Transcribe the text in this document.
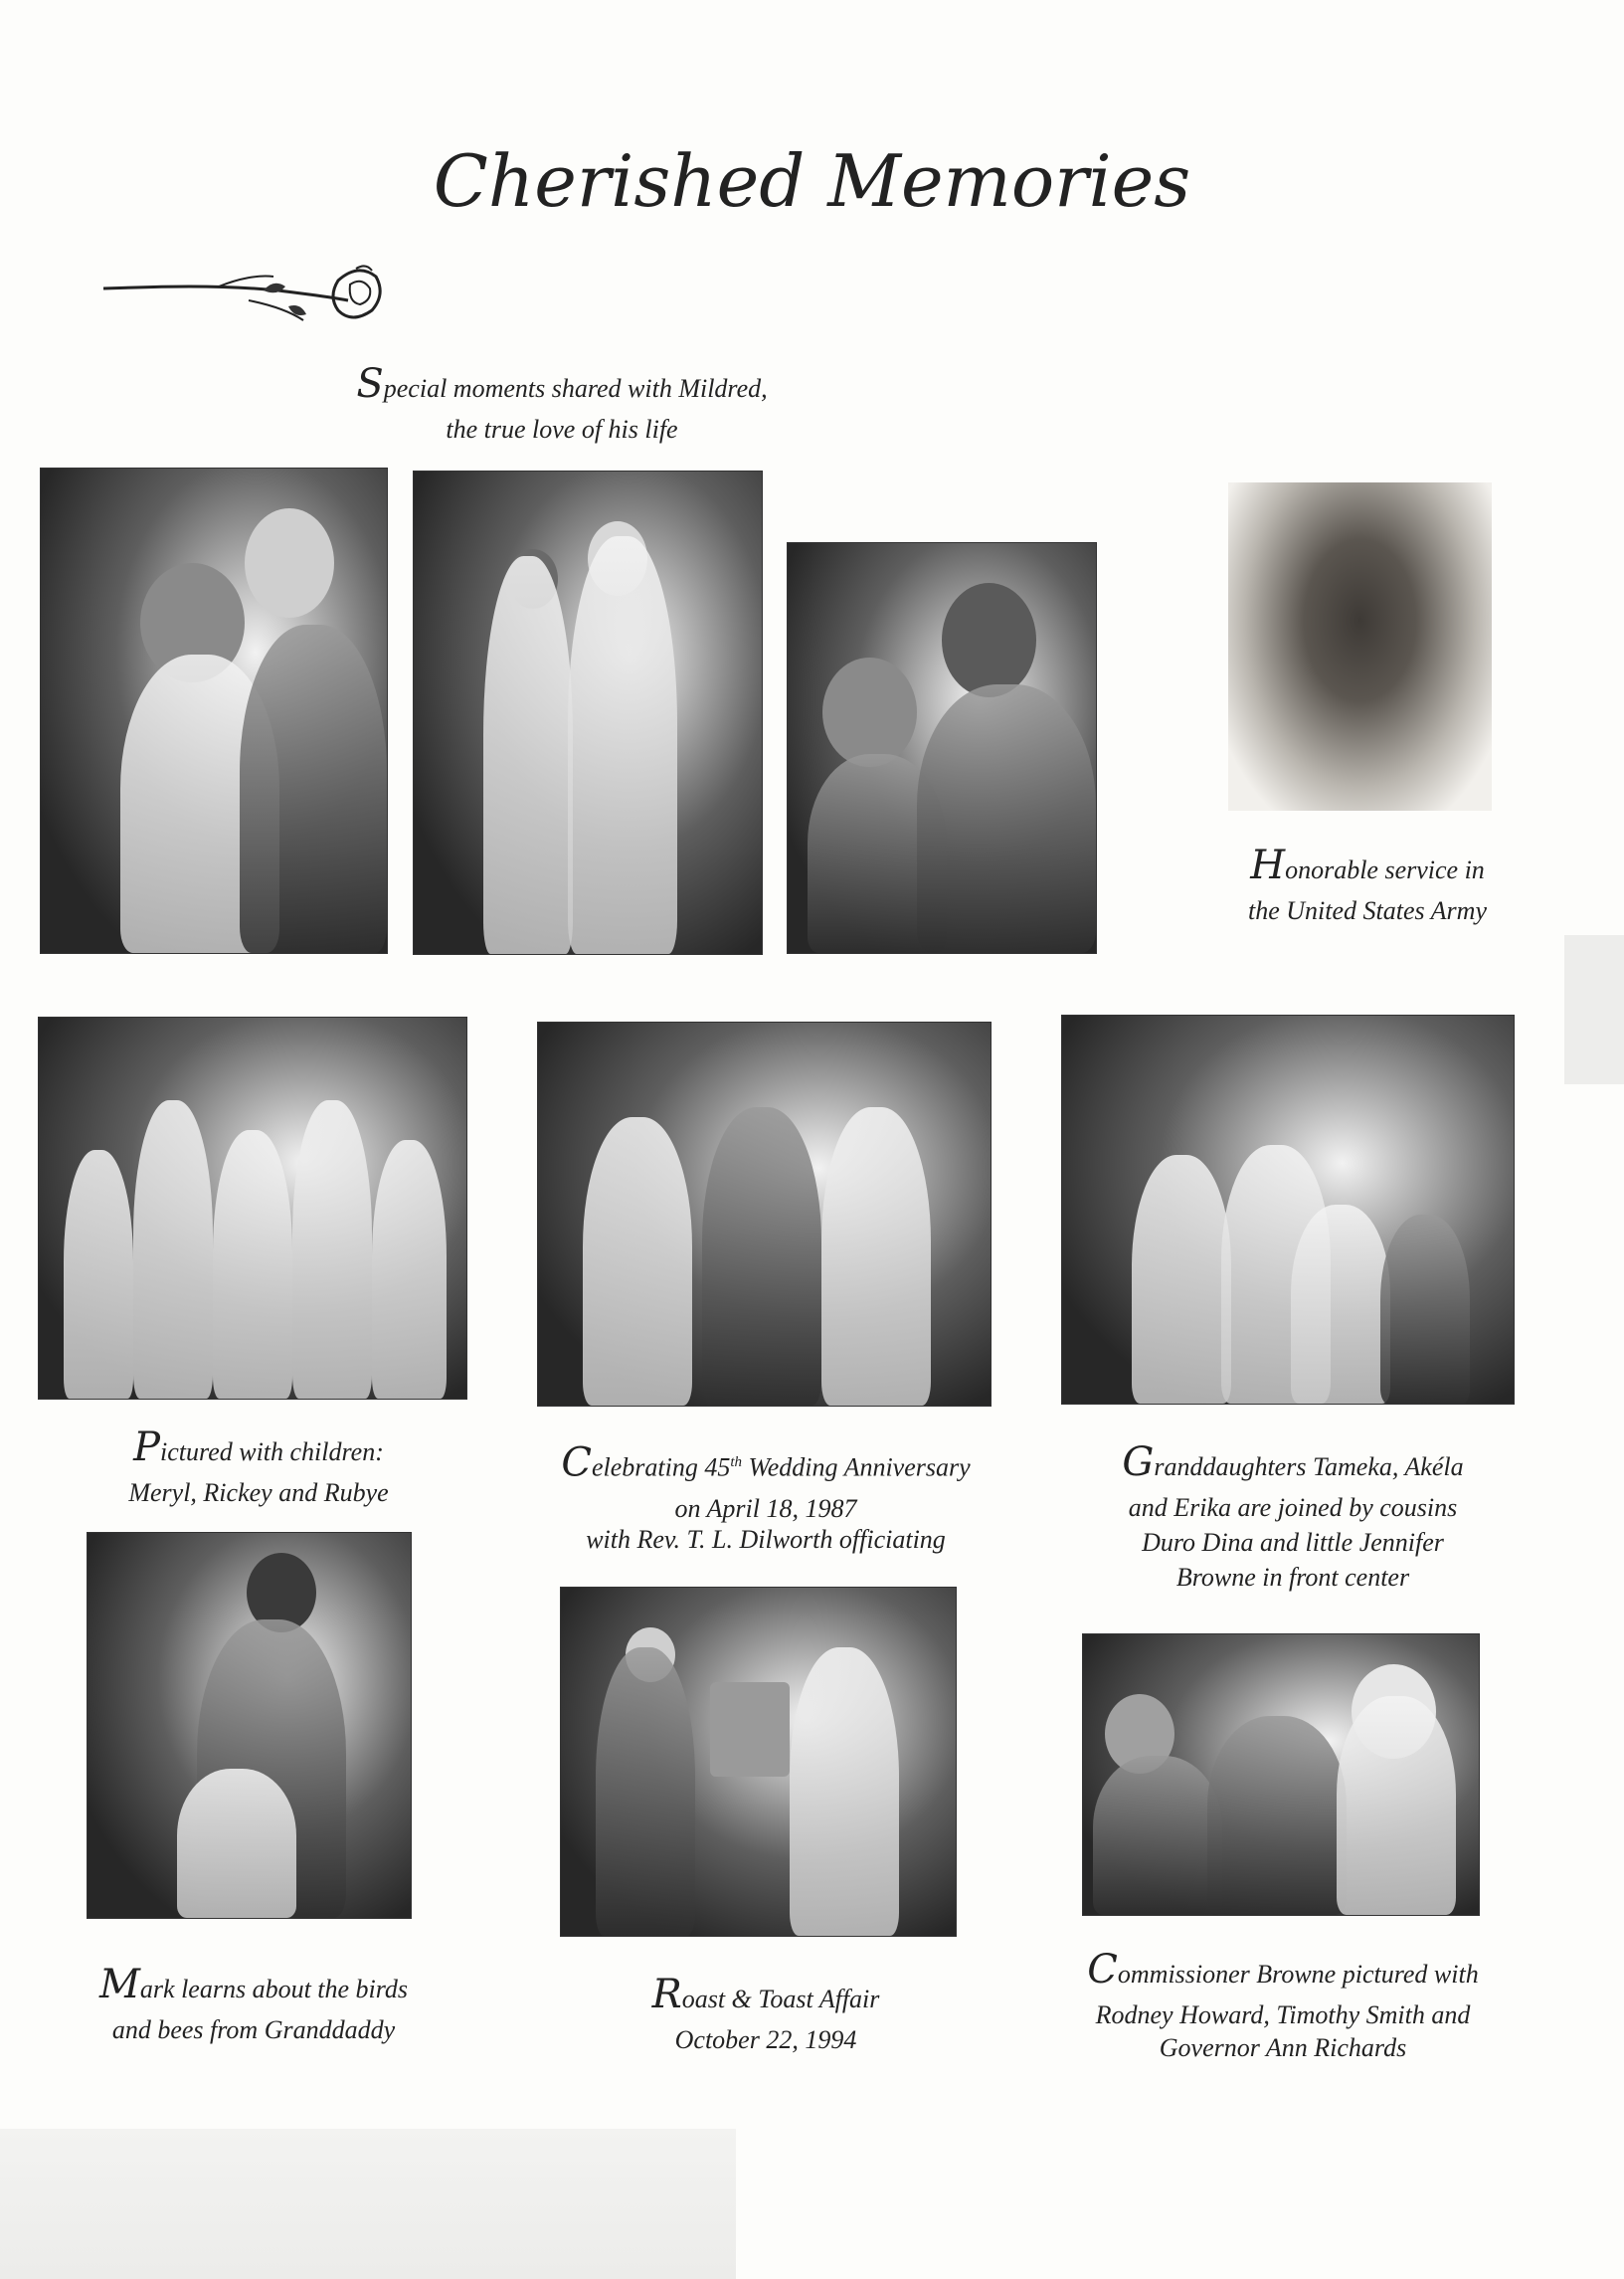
Cherished Memories
Special moments shared with Mildred,
the true love of his life
Honorable service in
the United States Army
Pictured with children:
Meryl, Rickey and Rubye
Celebrating 45th Wedding Anniversary
on April 18, 1987
with Rev. T. L. Dilworth officiating
Granddaughters Tameka, Akéla
and Erika are joined by cousins
Duro Dina and little Jennifer
Browne in front center
Mark learns about the birds
and bees from Granddaddy
Roast & Toast Affair
October 22, 1994
Commissioner Browne pictured with
Rodney Howard, Timothy Smith and
Governor Ann Richards
